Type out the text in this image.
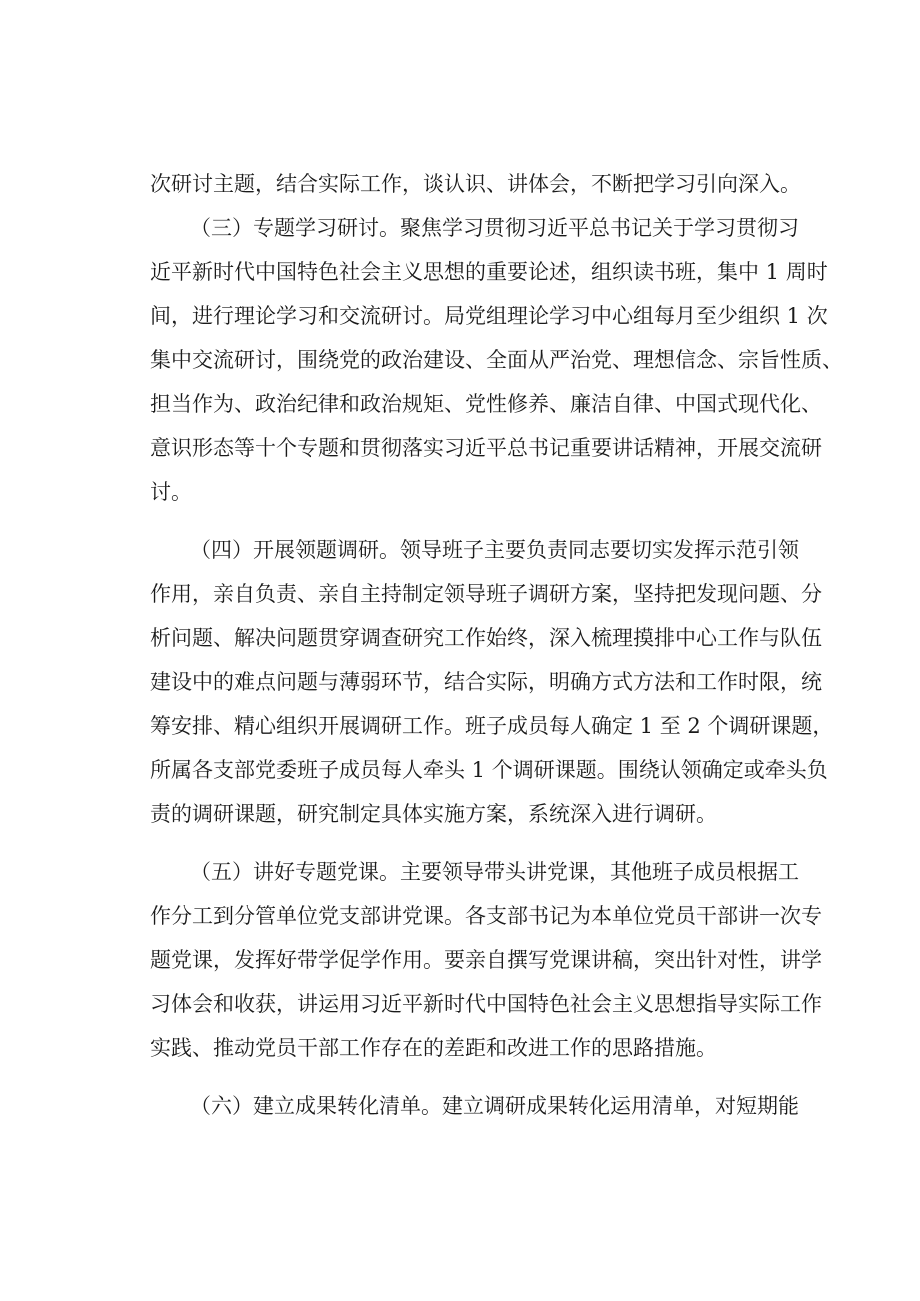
次研讨主题，结合实际工作，谈认识、讲体会，不断把学习引向深入。
（三）专题学习研讨。聚焦学习贯彻习近平总书记关于学习贯彻习
近平新时代中国特色社会主义思想的重要论述，组织读书班，集中 1 周时
间，进行理论学习和交流研讨。局党组理论学习中心组每月至少组织 1 次
集中交流研讨，围绕党的政治建设、全面从严治党、理想信念、宗旨性质、
担当作为、政治纪律和政治规矩、党性修养、廉洁自律、中国式现代化、
意识形态等十个专题和贯彻落实习近平总书记重要讲话精神，开展交流研
讨。
（四）开展领题调研。领导班子主要负责同志要切实发挥示范引领
作用，亲自负责、亲自主持制定领导班子调研方案，坚持把发现问题、分
析问题、解决问题贯穿调查研究工作始终，深入梳理摸排中心工作与队伍
建设中的难点问题与薄弱环节，结合实际，明确方式方法和工作时限，统
筹安排、精心组织开展调研工作。班子成员每人确定 1 至 2 个调研课题，
所属各支部党委班子成员每人牵头 1 个调研课题。围绕认领确定或牵头负
责的调研课题，研究制定具体实施方案，系统深入进行调研。
（五）讲好专题党课。主要领导带头讲党课，其他班子成员根据工
作分工到分管单位党支部讲党课。各支部书记为本单位党员干部讲一次专
题党课，发挥好带学促学作用。要亲自撰写党课讲稿，突出针对性，讲学
习体会和收获，讲运用习近平新时代中国特色社会主义思想指导实际工作
实践、推动党员干部工作存在的差距和改进工作的思路措施。
（六）建立成果转化清单。建立调研成果转化运用清单，对短期能
